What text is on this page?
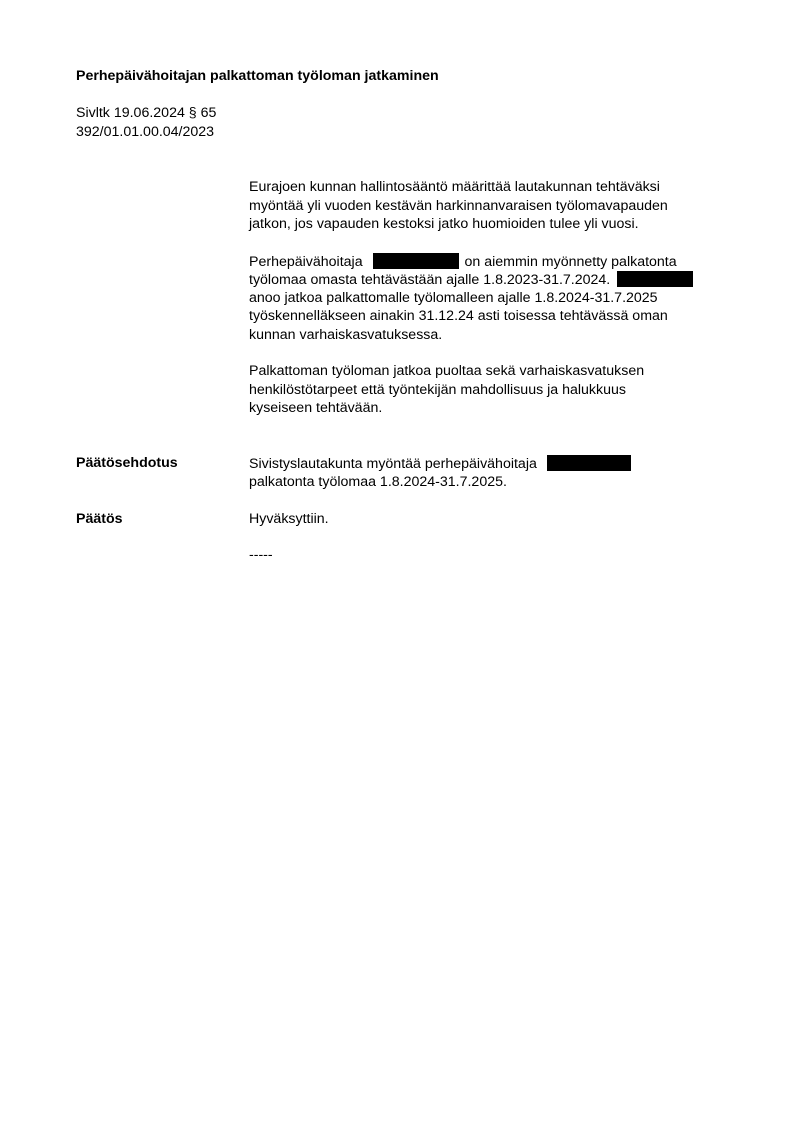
Perhepäivähoitajan palkattoman työloman jatkaminen
Sivltk 19.06.2024 § 65
392/01.01.00.04/2023
Eurajoen kunnan hallintosääntö määrittää lautakunnan tehtäväksi
myöntää yli vuoden kestävän harkinnanvaraisen työlomavapauden
jatkon, jos vapauden kestoksi jatko huomioiden tulee yli vuosi.
Perhepäivähoitaja	on aiemmin myönnetty palkatonta
työlomaa omasta tehtävästään ajalle 1.8.2023-31.7.2024.
anoo jatkoa palkattomalle työlomalleen ajalle 1.8.2024-31.7.2025
työskennelläkseen ainakin 31.12.24 asti toisessa tehtävässä oman
kunnan varhaiskasvatuksessa.
Palkattoman työloman jatkoa puoltaa sekä varhaiskasvatuksen
henkilöstötarpeet että työntekijän mahdollisuus ja halukkuus
kyseiseen tehtävään.
Päätösehdotus	Sivistyslautakunta myöntää perhepäivähoitaja
palkatonta työlomaa 1.8.2024-31.7.2025.
Päätös	Hyväksyttiin.
-----
